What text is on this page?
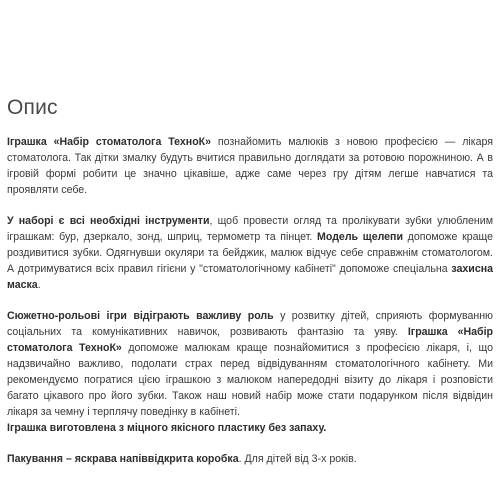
Опис

Іграшка «Набір стоматолога ТехноК» познайомить малюків з новою професією — лікаря стоматолога. Так дітки змалку будуть вчитися правильно доглядати за ротовою порожниною. А в ігровій формі робити це значно цікавіше, адже саме через гру дітям легше навчатися та проявляти себе.

У наборі є всі необхідні інструменти, щоб провести огляд та пролікувати зубки улюбленим іграшкам: бур, дзеркало, зонд, шприц, термометр та пінцет. Модель щелепи допоможе краще роздивитися зубки. Одягнувши окуляри та бейджик, малюк відчує себе справжнім стоматологом. А дотримуватися всіх правил гігієни у "стоматологічному кабінеті" допоможе спеціальна захисна маска.

Сюжетно-рольові ігри відіграють важливу роль у розвитку дітей, сприяють формуванню соціальних та комунікативних навичок, розвивають фантазію та уяву. Іграшка «Набір стоматолога ТехноК» допоможе малюкам краще познайомитися з професією лікаря, і, що надзвичайно важливо, подолати страх перед відвідуванням стоматологічного кабінету. Ми рекомендуємо погратися цією іграшкою з малюком напередодні візиту до лікаря і розповісти багато цікавого про його зубки. Також наш новий набір може стати подарунком після відвідин лікаря за чемну і терплячу поведінку в кабінеті.
Іграшка виготовлена з міцного якісного пластику без запаху.

Пакування – яскрава напіввідкрита коробка. Для дітей від 3-х років.
